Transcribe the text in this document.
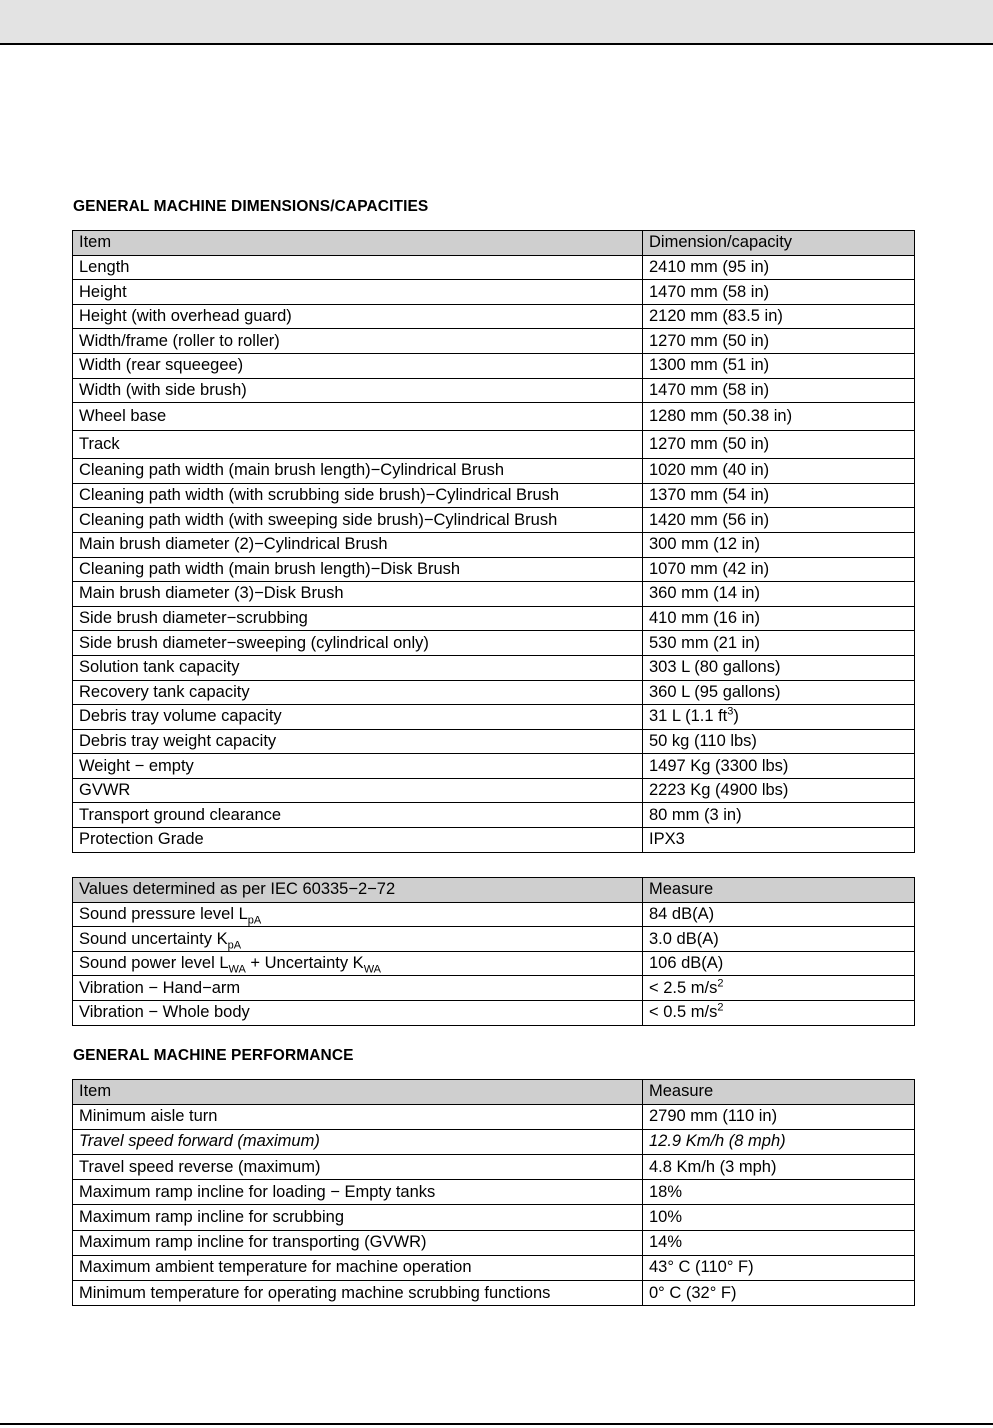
GENERAL MACHINE DIMENSIONS/CAPACITIES
Item	Dimension/capacity
Length	2410 mm (95 in)
Height	1470 mm (58 in)
Height (with overhead guard)	2120 mm (83.5 in)
Width/frame (roller to roller)	1270 mm (50 in)
Width (rear squeegee)	1300 mm (51 in)
Width (with side brush)	1470 mm (58 in)
Wheel base	1280 mm (50.38 in)
Track	1270 mm (50 in)
Cleaning path width (main brush length)−Cylindrical Brush	1020 mm (40 in)
Cleaning path width (with scrubbing side brush)−Cylindrical Brush	1370 mm (54 in)
Cleaning path width (with sweeping side brush)−Cylindrical Brush	1420 mm (56 in)
Main brush diameter (2)−Cylindrical Brush	300 mm (12 in)
Cleaning path width (main brush length)−Disk Brush	1070 mm (42 in)
Main brush diameter (3)−Disk Brush	360 mm (14 in)
Side brush diameter−scrubbing	410 mm (16 in)
Side brush diameter−sweeping (cylindrical only)	530 mm (21 in)
Solution tank capacity	303 L (80 gallons)
Recovery tank capacity	360 L (95 gallons)
Debris tray volume capacity	31 L (1.1 $ft^3$)
Debris tray weight capacity	50 kg (110 lbs)
Weight − empty	1497 Kg (3300 lbs)
GVWR	2223 Kg (4900 lbs)
Transport ground clearance	80 mm (3 in)
Protection Grade	IPX3
Values determined as per IEC 60335−2−72	Measure
Sound pressure level $L_{pA}$	84 dB(A)
Sound uncertainty $K_{pA}$	3.0 dB(A)
Sound power level $L_{WA}$ + Uncertainty $K_{WA}$	106 dB(A)
Vibration − Hand−arm	< 2.5 $m/s^2$
Vibration − Whole body	< 0.5 $m/s^2$
GENERAL MACHINE PERFORMANCE
Item	Measure
Minimum aisle turn	2790 mm (110 in)
Travel speed forward (maximum)	12.9 Km/h (8 mph)
Travel speed reverse (maximum)	4.8 Km/h (3 mph)
Maximum ramp incline for loading − Empty tanks	18%
Maximum ramp incline for scrubbing	10%
Maximum ramp incline for transporting (GVWR)	14%
Maximum ambient temperature for machine operation	43° C (110° F)
Minimum temperature for operating machine scrubbing functions	0° C (32° F)
